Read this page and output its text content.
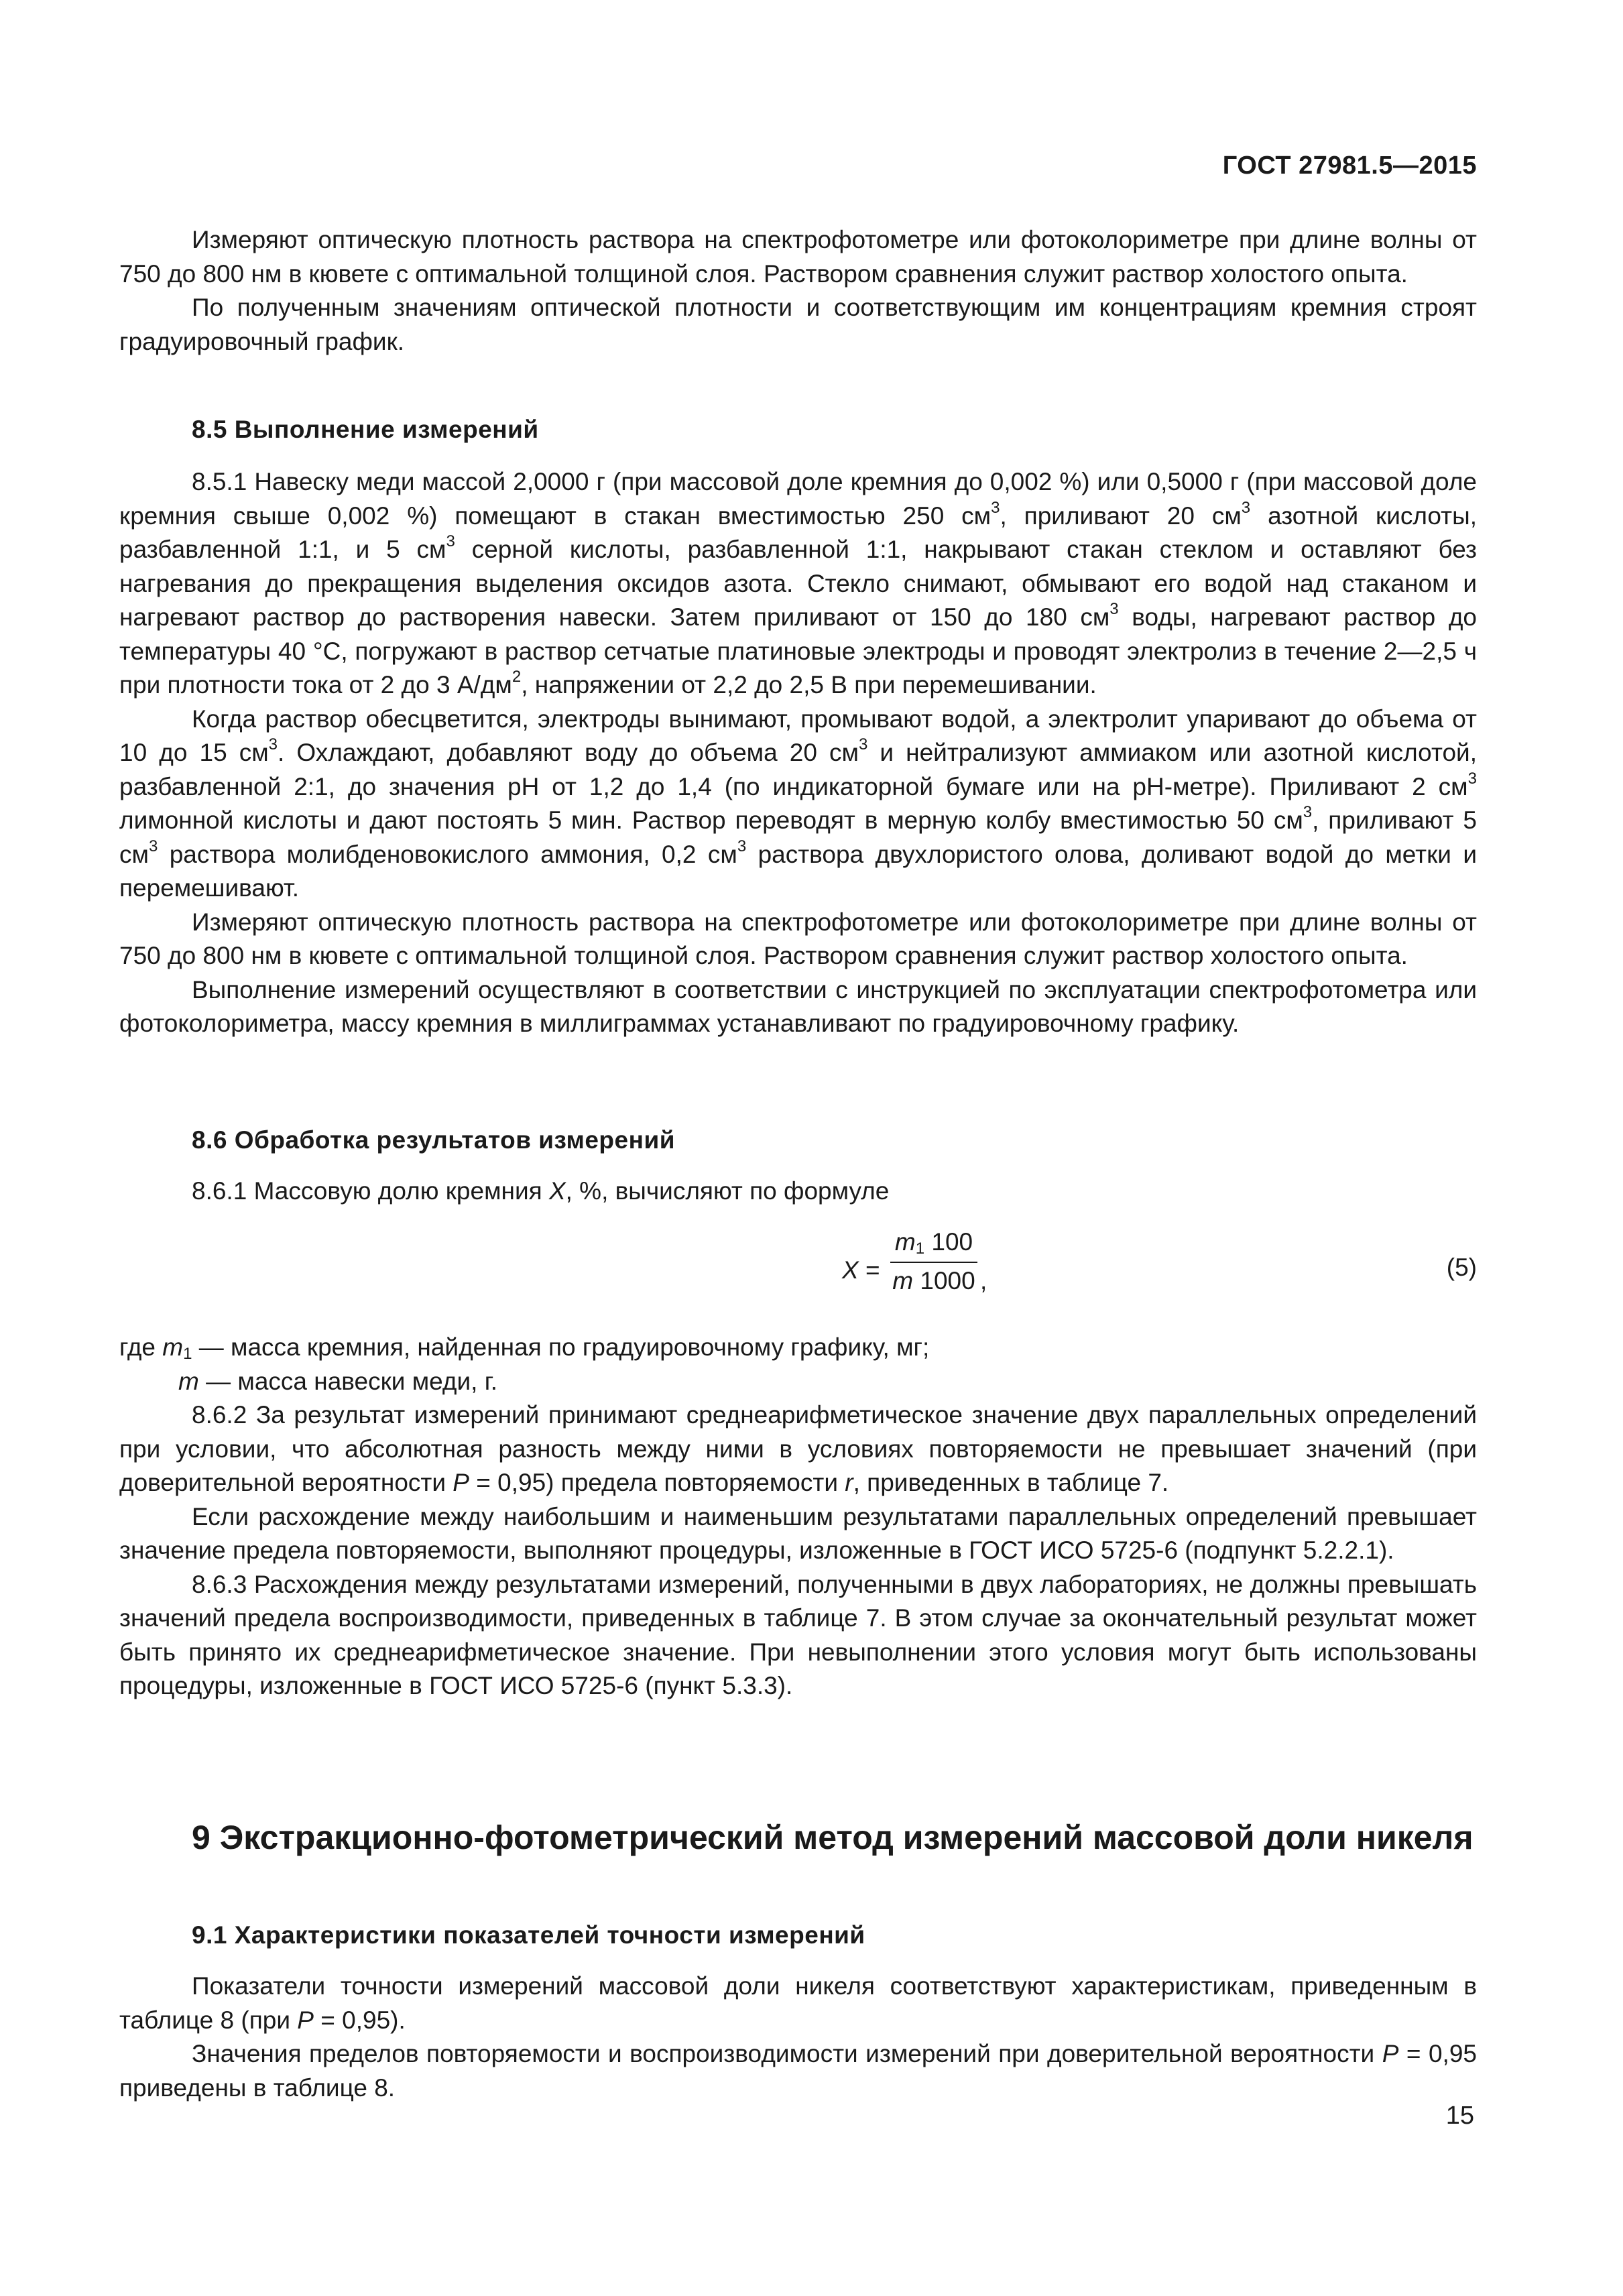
ГОСТ 27981.5—2015

Измеряют оптическую плотность раствора на спектрофотометре или фотоколориметре при длине волны от 750 до 800 нм в кювете с оптимальной толщиной слоя. Раствором сравнения служит раствор холостого опыта.

По полученным значениям оптической плотности и соответствующим им концентрациям кремния строят градуировочный график.

8.5 Выполнение измерений

8.5.1 Навеску меди массой 2,0000 г (при массовой доле кремния до 0,002 %) или 0,5000 г (при массовой доле кремния свыше 0,002 %) помещают в стакан вместимостью 250 $см^3$, приливают 20 $см^3$ азотной кислоты, разбавленной 1:1, и 5 $см^3$ серной кислоты, разбавленной 1:1, накрывают стакан стеклом и оставляют без нагревания до прекращения выделения оксидов азота. Стекло снимают, обмывают его водой над стаканом и нагревают раствор до растворения навески. Затем приливают от 150 до 180 $см^3$ воды, нагревают раствор до температуры 40 °С, погружают в раствор сетчатые платиновые электроды и проводят электролиз в течение 2—2,5 ч при плотности тока от 2 до 3 $А/дм^2$, напряжении от 2,2 до 2,5 В при перемешивании.

Когда раствор обесцветится, электроды вынимают, промывают водой, а электролит упаривают до объема от 10 до 15 $см^3$. Охлаждают, добавляют воду до объема 20 $см^3$ и нейтрализуют аммиаком или азотной кислотой, разбавленной 2:1, до значения рН от 1,2 до 1,4 (по индикаторной бумаге или на рН-метре). Приливают 2 $см^3$ лимонной кислоты и дают постоять 5 мин. Раствор переводят в мерную колбу вместимостью 50 $см^3$, приливают 5 $см^3$ раствора молибденовокислого аммония, 0,2 $см^3$ раствора двухлористого олова, доливают водой до метки и перемешивают.

Измеряют оптическую плотность раствора на спектрофотометре или фотоколориметре при длине волны от 750 до 800 нм в кювете с оптимальной толщиной слоя. Раствором сравнения служит раствор холостого опыта.

Выполнение измерений осуществляют в соответствии с инструкцией по эксплуатации спектрофотометра или фотоколориметра, массу кремния в миллиграммах устанавливают по градуировочному графику.

8.6 Обработка результатов измерений

8.6.1 Массовую долю кремния X, %, вычисляют по формуле

X =
$m_1$ 100
m 1000 ,	(5)

где $m_1$ — масса кремния, найденная по градуировочному графику, мг;

m — масса навески меди, г.

8.6.2 За результат измерений принимают среднеарифметическое значение двух параллельных определений при условии, что абсолютная разность между ними в условиях повторяемости не превышает значений (при доверительной вероятности P = 0,95) предела повторяемости r, приведенных в таблице 7.

Если расхождение между наибольшим и наименьшим результатами параллельных определений превышает значение предела повторяемости, выполняют процедуры, изложенные в ГОСТ ИСО 5725-6 (подпункт 5.2.2.1).

8.6.3 Расхождения между результатами измерений, полученными в двух лабораториях, не должны превышать значений предела воспроизводимости, приведенных в таблице 7. В этом случае за окончательный результат может быть принято их среднеарифметическое значение. При невыполнении этого условия могут быть использованы процедуры, изложенные в ГОСТ ИСО 5725-6 (пункт 5.3.3).

9 Экстракционно-фотометрический метод измерений массовой доли никеля

9.1 Характеристики показателей точности измерений

Показатели точности измерений массовой доли никеля соответствуют характеристикам, приведенным в таблице 8 (при P = 0,95).

Значения пределов повторяемости и воспроизводимости измерений при доверительной вероятности P = 0,95 приведены в таблице 8.

15
